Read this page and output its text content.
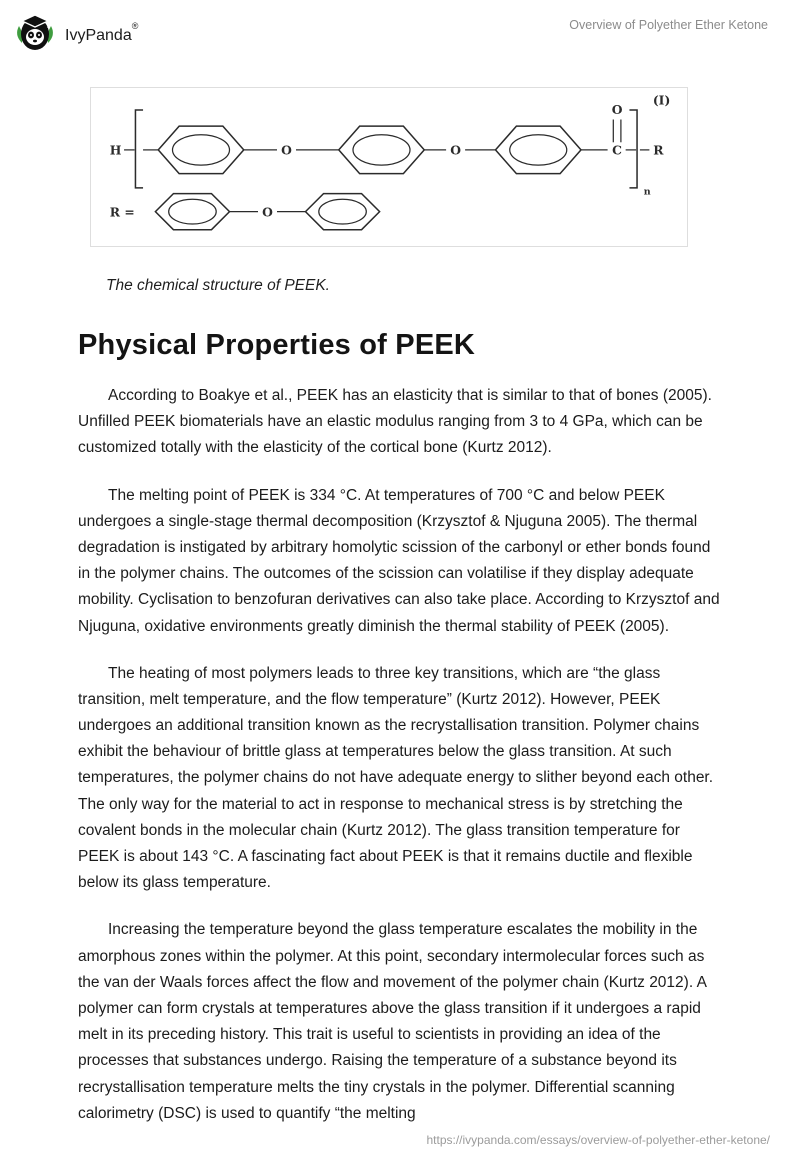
IvyPanda®	Overview of Polyether Ether Ketone
(I)
H	O	O	C
O
n
R
R =	O
The chemical structure of PEEK.
Physical Properties of PEEK

According to Boakye et al., PEEK has an elasticity that is similar to that of bones (2005). Unfilled PEEK biomaterials have an elastic modulus ranging from 3 to 4 GPa, which can be customized totally with the elasticity of the cortical bone (Kurtz 2012).

The melting point of PEEK is 334 °C. At temperatures of 700 °C and below PEEK undergoes a single-stage thermal decomposition (Krzysztof & Njuguna 2005). The thermal degradation is instigated by arbitrary homolytic scission of the carbonyl or ether bonds found in the polymer chains. The outcomes of the scission can volatilise if they display adequate mobility. Cyclisation to benzofuran derivatives can also take place. According to Krzysztof and Njuguna, oxidative environments greatly diminish the thermal stability of PEEK (2005).

The heating of most polymers leads to three key transitions, which are “the glass transition, melt temperature, and the flow temperature” (Kurtz 2012). However, PEEK undergoes an additional transition known as the recrystallisation transition. Polymer chains exhibit the behaviour of brittle glass at temperatures below the glass transition. At such temperatures, the polymer chains do not have adequate energy to slither beyond each other. The only way for the material to act in response to mechanical stress is by stretching the covalent bonds in the molecular chain (Kurtz 2012). The glass transition temperature for PEEK is about 143 °C. A fascinating fact about PEEK is that it remains ductile and flexible below its glass temperature.

Increasing the temperature beyond the glass temperature escalates the mobility in the amorphous zones within the polymer. At this point, secondary intermolecular forces such as the van der Waals forces affect the flow and movement of the polymer chain (Kurtz 2012). A polymer can form crystals at temperatures above the glass transition if it undergoes a rapid melt in its preceding history. This trait is useful to scientists in providing an idea of the processes that substances undergo. Raising the temperature of a substance beyond its recrystallisation temperature melts the tiny crystals in the polymer. Differential scanning calorimetry (DSC) is used to quantify “the melting

https://ivypanda.com/essays/overview-of-polyether-ether-ketone/
